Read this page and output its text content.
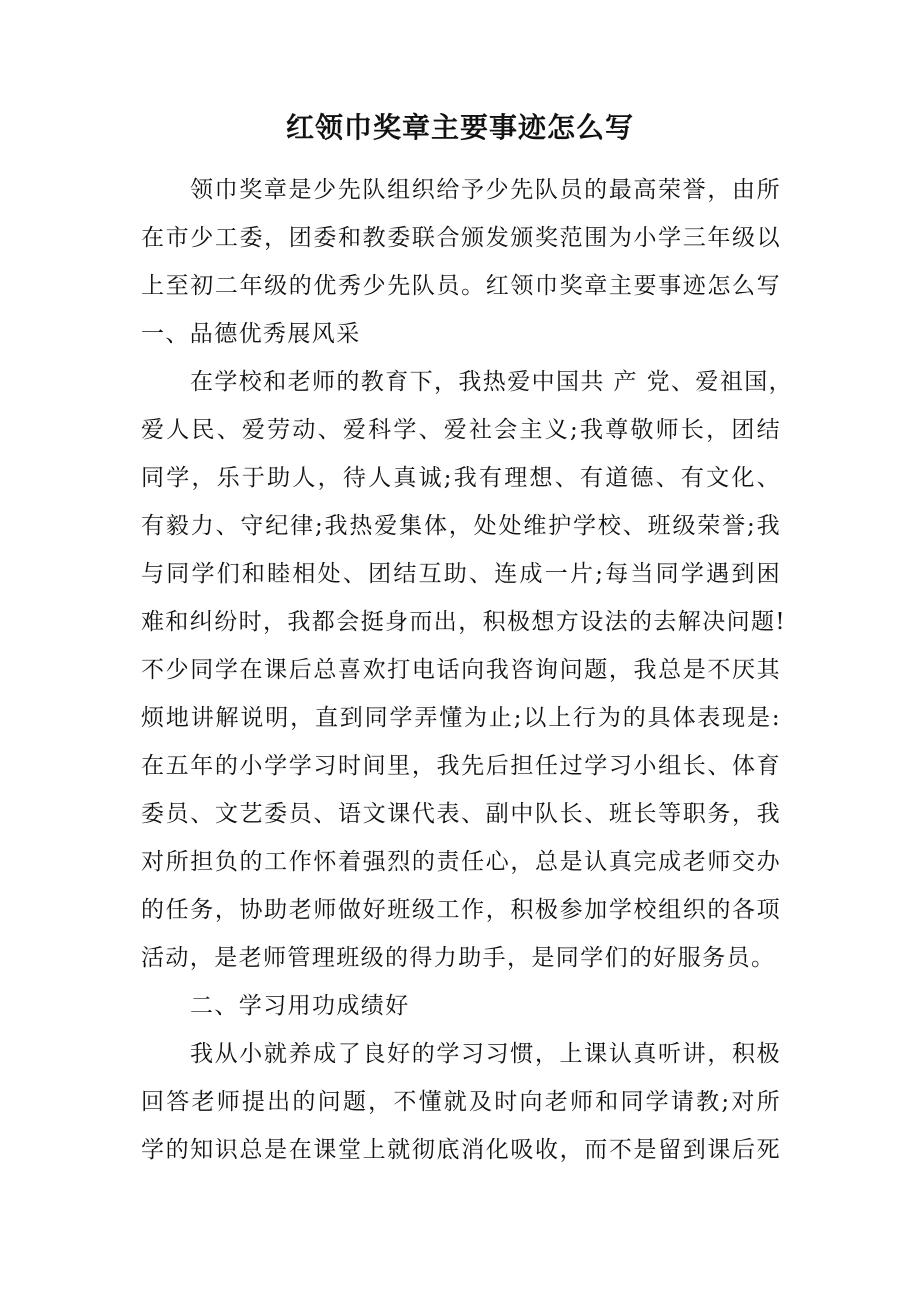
红领巾奖章主要事迹怎么写
领巾奖章是少先队组织给予少先队员的最高荣誉，由所
在市少工委，团委和教委联合颁发颁奖范围为小学三年级以
上至初二年级的优秀少先队员。红领巾奖章主要事迹怎么写
一、品德优秀展风采
在学校和老师的教育下，我热爱中国共 产 党、爱祖国，
爱人民、爱劳动、爱科学、爱社会主义;我尊敬师长，团结
同学，乐于助人，待人真诚;我有理想、有道德、有文化、
有毅力、守纪律;我热爱集体，处处维护学校、班级荣誉;我
与同学们和睦相处、团结互助、连成一片;每当同学遇到困
难和纠纷时，我都会挺身而出，积极想方设法的去解决问题!
不少同学在课后总喜欢打电话向我咨询问题，我总是不厌其
烦地讲解说明，直到同学弄懂为止;以上行为的具体表现是:
在五年的小学学习时间里，我先后担任过学习小组长、体育
委员、文艺委员、语文课代表、副中队长、班长等职务，我
对所担负的工作怀着强烈的责任心，总是认真完成老师交办
的任务，协助老师做好班级工作，积极参加学校组织的各项
活动，是老师管理班级的得力助手，是同学们的好服务员。
二、学习用功成绩好
我从小就养成了良好的学习习惯，上课认真听讲，积极
回答老师提出的问题，不懂就及时向老师和同学请教;对所
学的知识总是在课堂上就彻底消化吸收，而不是留到课后死
